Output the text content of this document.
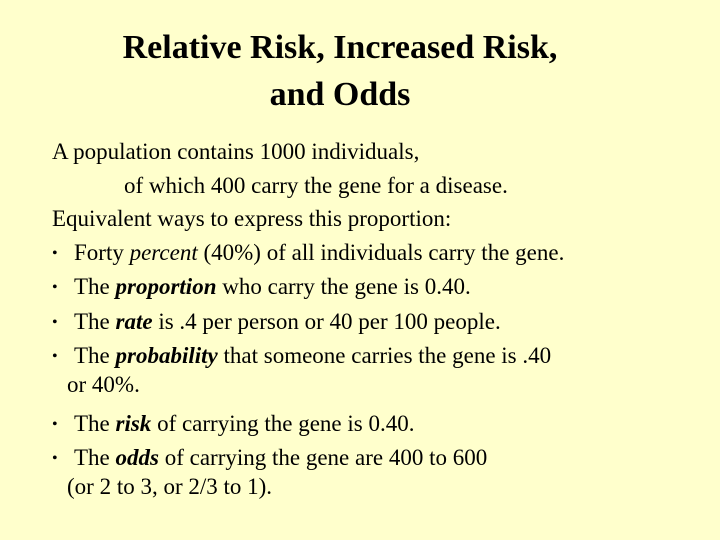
Relative Risk, Increased Risk,
and Odds
A population contains 1000 individuals,
of which 400 carry the gene for a disease.
Equivalent ways to express this proportion:
• Forty percent (40%) of all individuals carry the gene.
• The proportion who carry the gene is 0.40.
• The rate is .4 per person or 40 per 100 people.
• The probability that someone carries the gene is .40
or 40%.
• The risk of carrying the gene is 0.40.
• The odds of carrying the gene are 400 to 600
(or 2 to 3, or 2/3 to 1).
